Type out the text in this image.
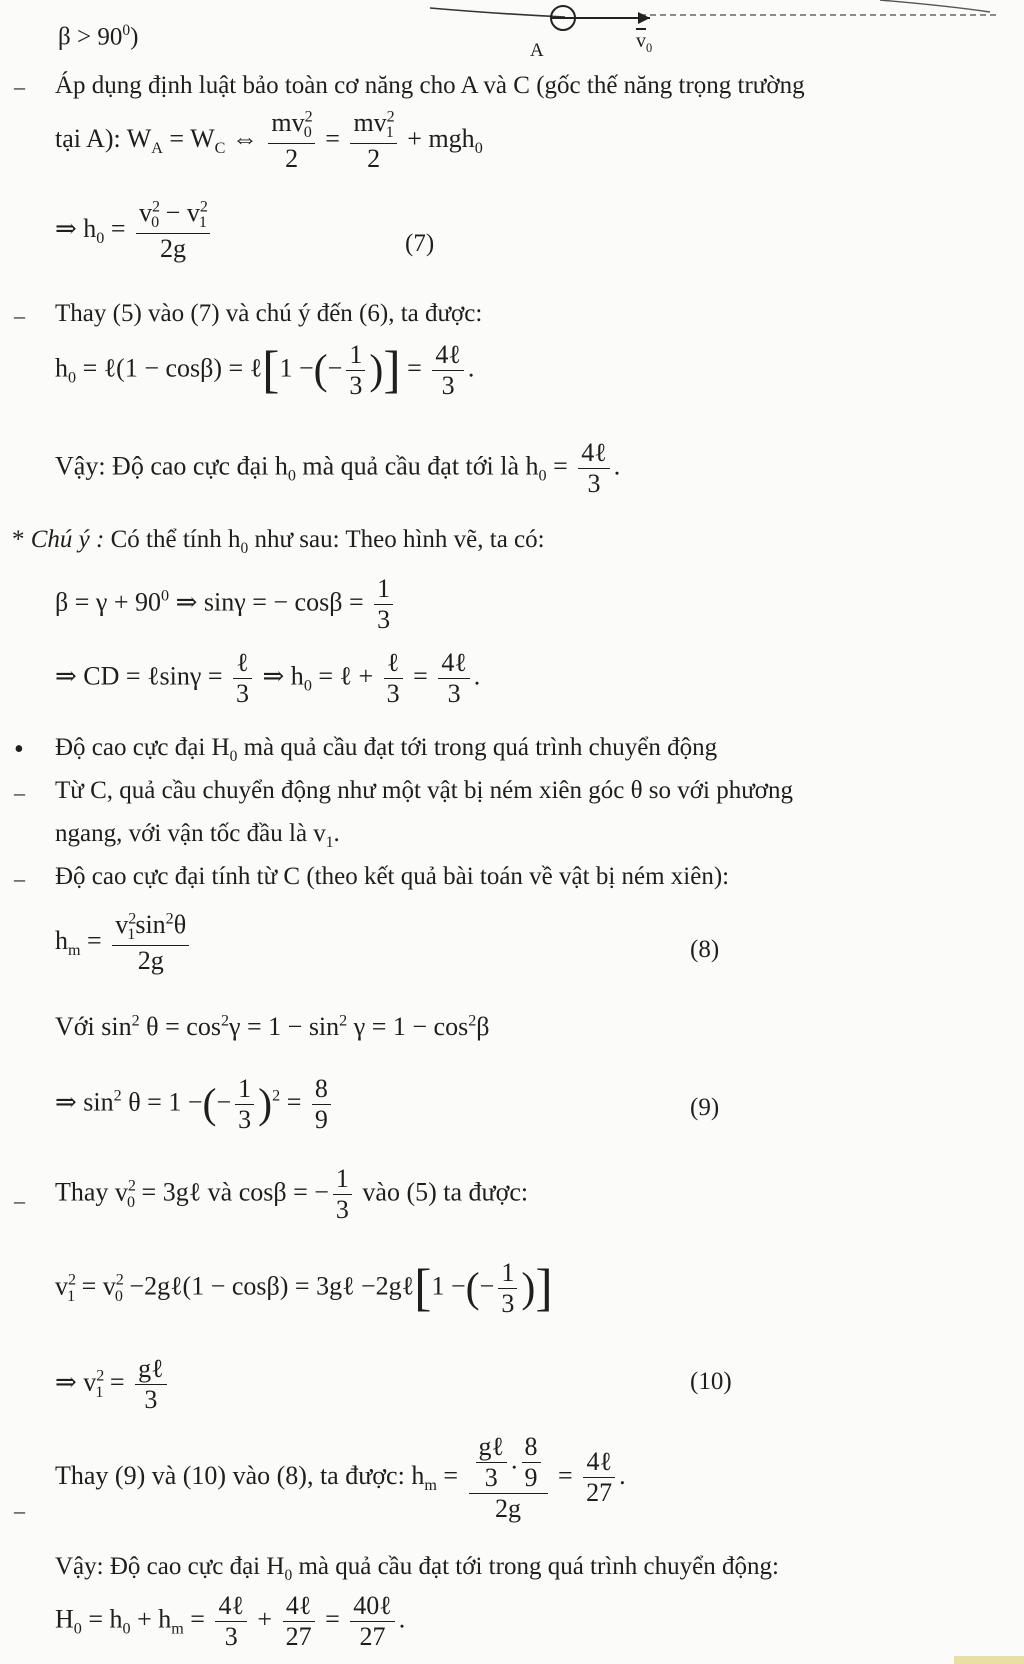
$\beta > 90^0$)
A	$\overline{v}_0$
– Áp dụng định luật bảo toàn cơ năng cho A và C (gốc thế năng trọng trường
tại A): $W_A = W_C$ ⇔ $\frac{mv^2_0}{2} = \frac{mv^2_1}{2} + mgh_0$
⇒ $h_0 = \frac{v^2_0 - v^2_1}{2g}$	(7)
– Thay (5) vào (7) và chú ý đến (6), ta được:
$h_0$ = ℓ(1 − cosβ) = ℓ[1 −(− $\frac{1}{3}$ )] = $\frac{\text{4ℓ}}{3}$ .
Vậy: Độ cao cực đại $h_0$ mà quả cầu đạt tới là $h_0 = \frac{\text{4ℓ}}{3}$ .
* Chú ý : Có thể tính $h_0$ như sau: Theo hình vẽ, ta có:
$\beta = \gamma + 90^0$ ⇒ sinγ = − $\cos\beta = \frac{1}{3}$
⇒ CD = ℓsinγ = $\frac{\text{ℓ}}{3}$ ⇒ $h_0$ = ℓ + $\frac{\text{ℓ}}{3} = \frac{\text{4ℓ}}{3}$ .
• Độ cao cực đại $H_0$ mà quả cầu đạt tới trong quá trình chuyển động
– Từ C, quả cầu chuyển động như một vật bị ném xiên góc θ so với phương
ngang, với vận tốc đầu là $v_1$.
– Độ cao cực đại tính từ C (theo kết quả bài toán về vật bị ném xiên):
$h_m = \frac{v^2_1\sin^2\theta}{2g}$	(8)
Với $\sin^2 \theta = \cos^2\gamma = 1 - \sin^2 \gamma = 1 - \cos^2\beta$
⇒ $\sin^2 \theta = 1$ −(− $\frac{1}{3} )^2 = \frac{8}{9}$	(9)
– Thay $v^2_0$ = 3gℓ và cosβ = − $\frac{1}{3}$ vào (5) ta được:
$v^2_1 = v^2_0$ −2gℓ(1 − cosβ) = 3gℓ −2gℓ[1 −(− $\frac{1}{3}$ )]
⇒ $v^2_1 = \frac{\text{gℓ}}{3}$	(10)
–
Thay (9) và (10) vào (8), ta được: $h_m = \frac{\frac{\text{gℓ}}{3} . \frac{8}{9}}{2g} = \frac{\text{4ℓ}}{27}$ .
Vậy: Độ cao cực đại $H_0$ mà quả cầu đạt tới trong quá trình chuyển động:
$H_0 = h_0 + h_m = \frac{\text{4ℓ}}{3} + \frac{\text{4ℓ}}{27} = \frac{\text{40ℓ}}{27}$ .
